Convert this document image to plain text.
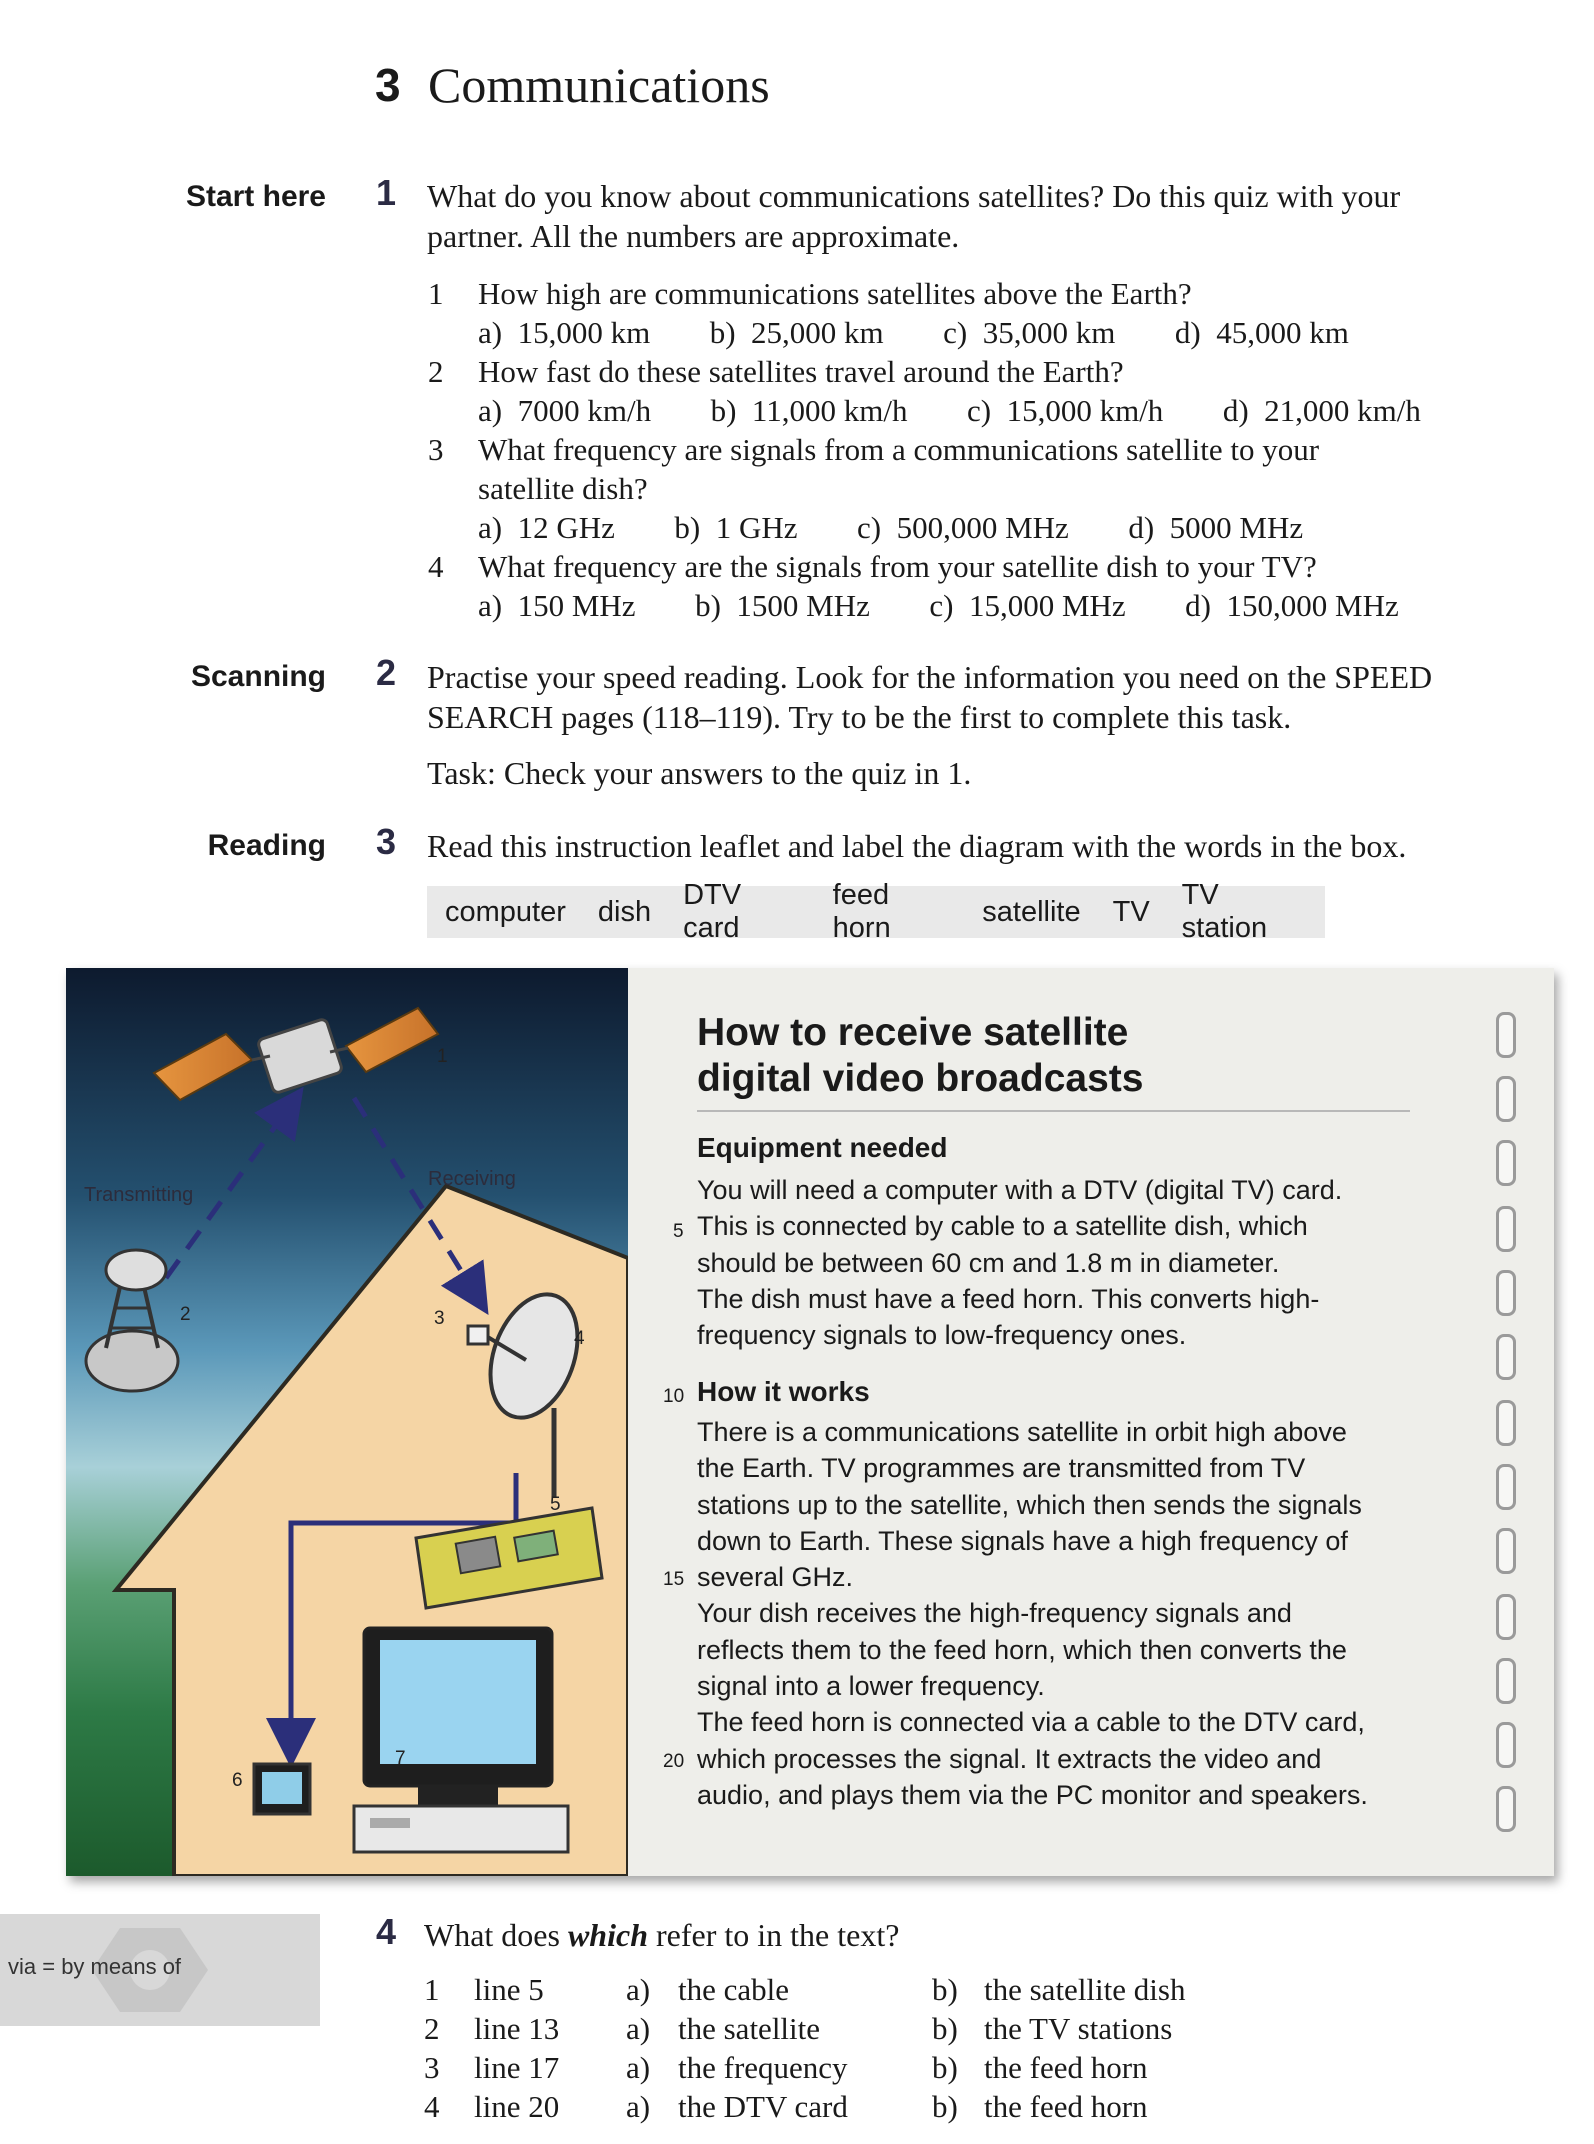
3 Communications
Start here 1 What do you know about communications satellites? Do this quiz with your
partner. All the numbers are approximate.
1 How high are communications satellites above the Earth?
a) 15,000 km b) 25,000 km c) 35,000 km d) 45,000 km
2 How fast do these satellites travel around the Earth?
a) 7000 km/h b) 11,000 km/h c) 15,000 km/h d) 21,000 km/h
3 What frequency are signals from a communications satellite to your
satellite dish?
a) 12 GHz b) 1 GHz c) 500,000 MHz d) 5000 MHz
4 What frequency are the signals from your satellite dish to your TV?
a) 150 MHz b) 1500 MHz c) 15,000 MHz d) 150,000 MHz
Scanning 2 Practise your speed reading. Look for the information you need on the SPEED
SEARCH pages (118–119). Try to be the first to complete this task.
Task: Check your answers to the quiz in 1.
Reading 3 Read this instruction leaflet and label the diagram with the words in the box.
computer dish
DTV card
feed horn
satellite TV
TV station
Transmitting
Receiving
1
2	3
4
5
6
7
How to receive satellite
digital video broadcasts
Equipment needed
You will need a computer with a DTV (digital TV) card.
This is connected by cable to a satellite dish, which
should be between 60 cm and 1.8 m in diameter.
The dish must have a feed horn. This converts high-
frequency signals to low-frequency ones.
How it works
There is a communications satellite in orbit high above
the Earth. TV programmes are transmitted from TV
stations up to the satellite, which then sends the signals
down to Earth. These signals have a high frequency of
several GHz.
Your dish receives the high-frequency signals and
reflects them to the feed horn, which then converts the
signal into a lower frequency.
The feed horn is connected via a cable to the DTV card,
which processes the signal. It extracts the video and
audio, and plays them via the PC monitor and speakers.
5
10
15
20
via = by means of
4 What does which refer to in the text?
1 line 5	a) the cable	b) the satellite dish
2 line 13 a) the satellite	b) the TV stations
3 line 17 a) the frequency	b) the feed horn
4 line 20 a) the DTV card	b) the feed horn
